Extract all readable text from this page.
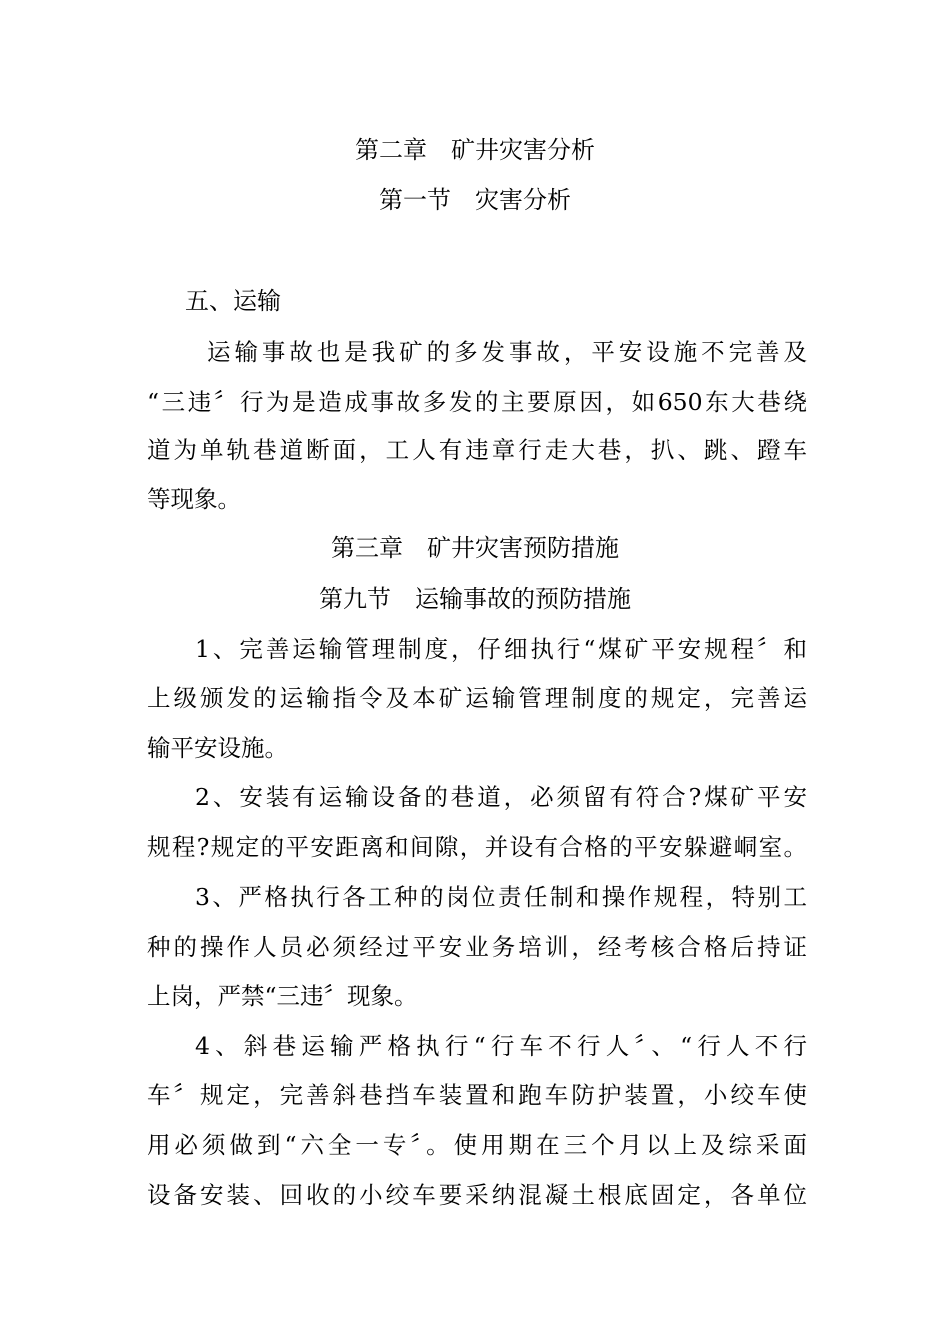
第二章　矿井灾害分析
第一节　灾害分析
五、运输
运输事故也是我矿的多发事故，平安设施不完善及
“三违〞行为是造成事故多发的主要原因，如650东大巷绕
道为单轨巷道断面，工人有违章行走大巷，扒、跳、蹬车
等现象。
第三章　矿井灾害预防措施
第九节　运输事故的预防措施
1、完善运输管理制度，仔细执行“煤矿平安规程〞和
上级颁发的运输指令及本矿运输管理制度的规定，完善运
输平安设施。
2、安装有运输设备的巷道，必须留有符合?煤矿平安
规程?规定的平安距离和间隙，并设有合格的平安躲避峒室。
3、严格执行各工种的岗位责任制和操作规程，特别工
种的操作人员必须经过平安业务培训，经考核合格后持证
上岗，严禁“三违〞现象。
4、斜巷运输严格执行“行车不行人〞、“行人不行
车〞规定，完善斜巷挡车装置和跑车防护装置，小绞车使
用必须做到“六全一专〞。使用期在三个月以上及综采面
设备安装、回收的小绞车要采纳混凝土根底固定，各单位
